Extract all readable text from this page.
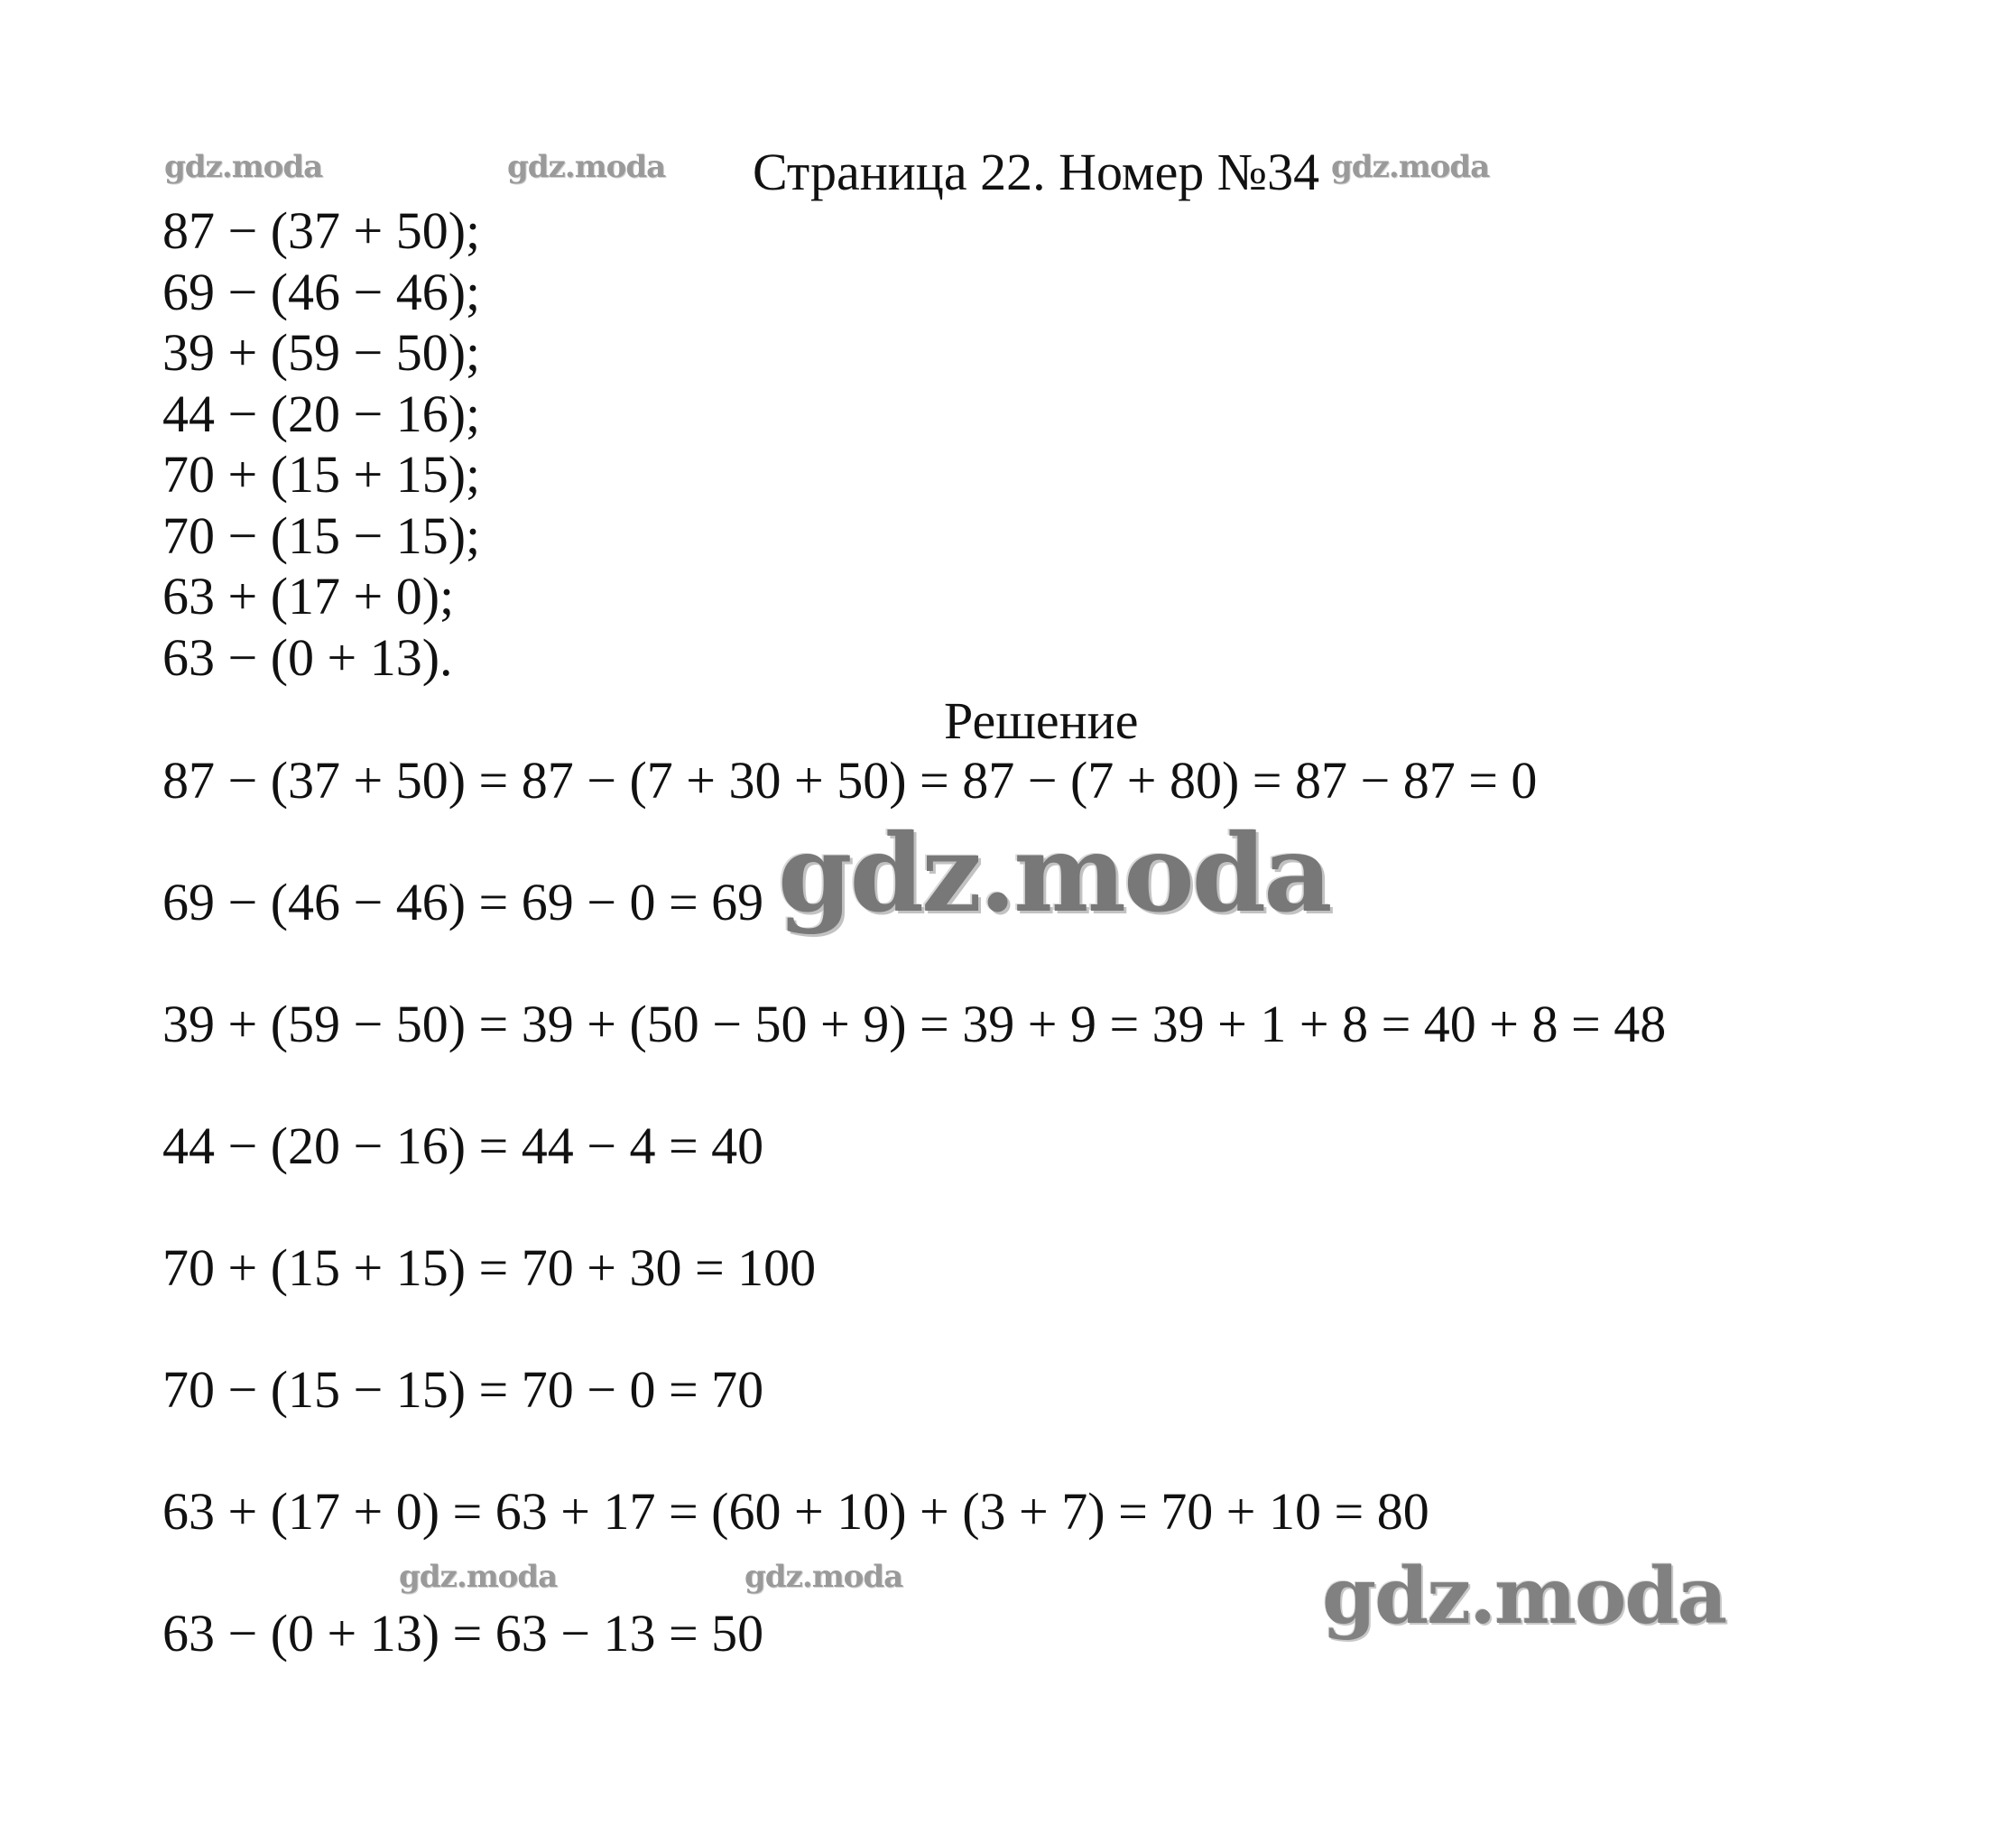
gdz.moda	gdz.moda Страница 22. Номер №34 gdz.moda
87 − (37 + 50);
69 − (46 − 46);
39 + (59 − 50);
44 − (20 − 16);
70 + (15 + 15);
70 − (15 − 15);
63 + (17 + 0);
63 − (0 + 13).
Решение
87 − (37 + 50) = 87 − (7 + 30 + 50) = 87 − (7 + 80) = 87 − 87 = 0
69 − (46 − 46) = 69 − 0 = 69
39 + (59 − 50) = 39 + (50 − 50 + 9) = 39 + 9 = 39 + 1 + 8 = 40 + 8 = 48
44 − (20 − 16) = 44 − 4 = 40
70 + (15 + 15) = 70 + 30 = 100
70 − (15 − 15) = 70 − 0 = 70
63 + (17 + 0) = 63 + 17 = (60 + 10) + (3 + 7) = 70 + 10 = 80
63 − (0 + 13) = 63 − 13 = 50
gdz.moda
gdz.moda	gdz.moda	gdz.moda
